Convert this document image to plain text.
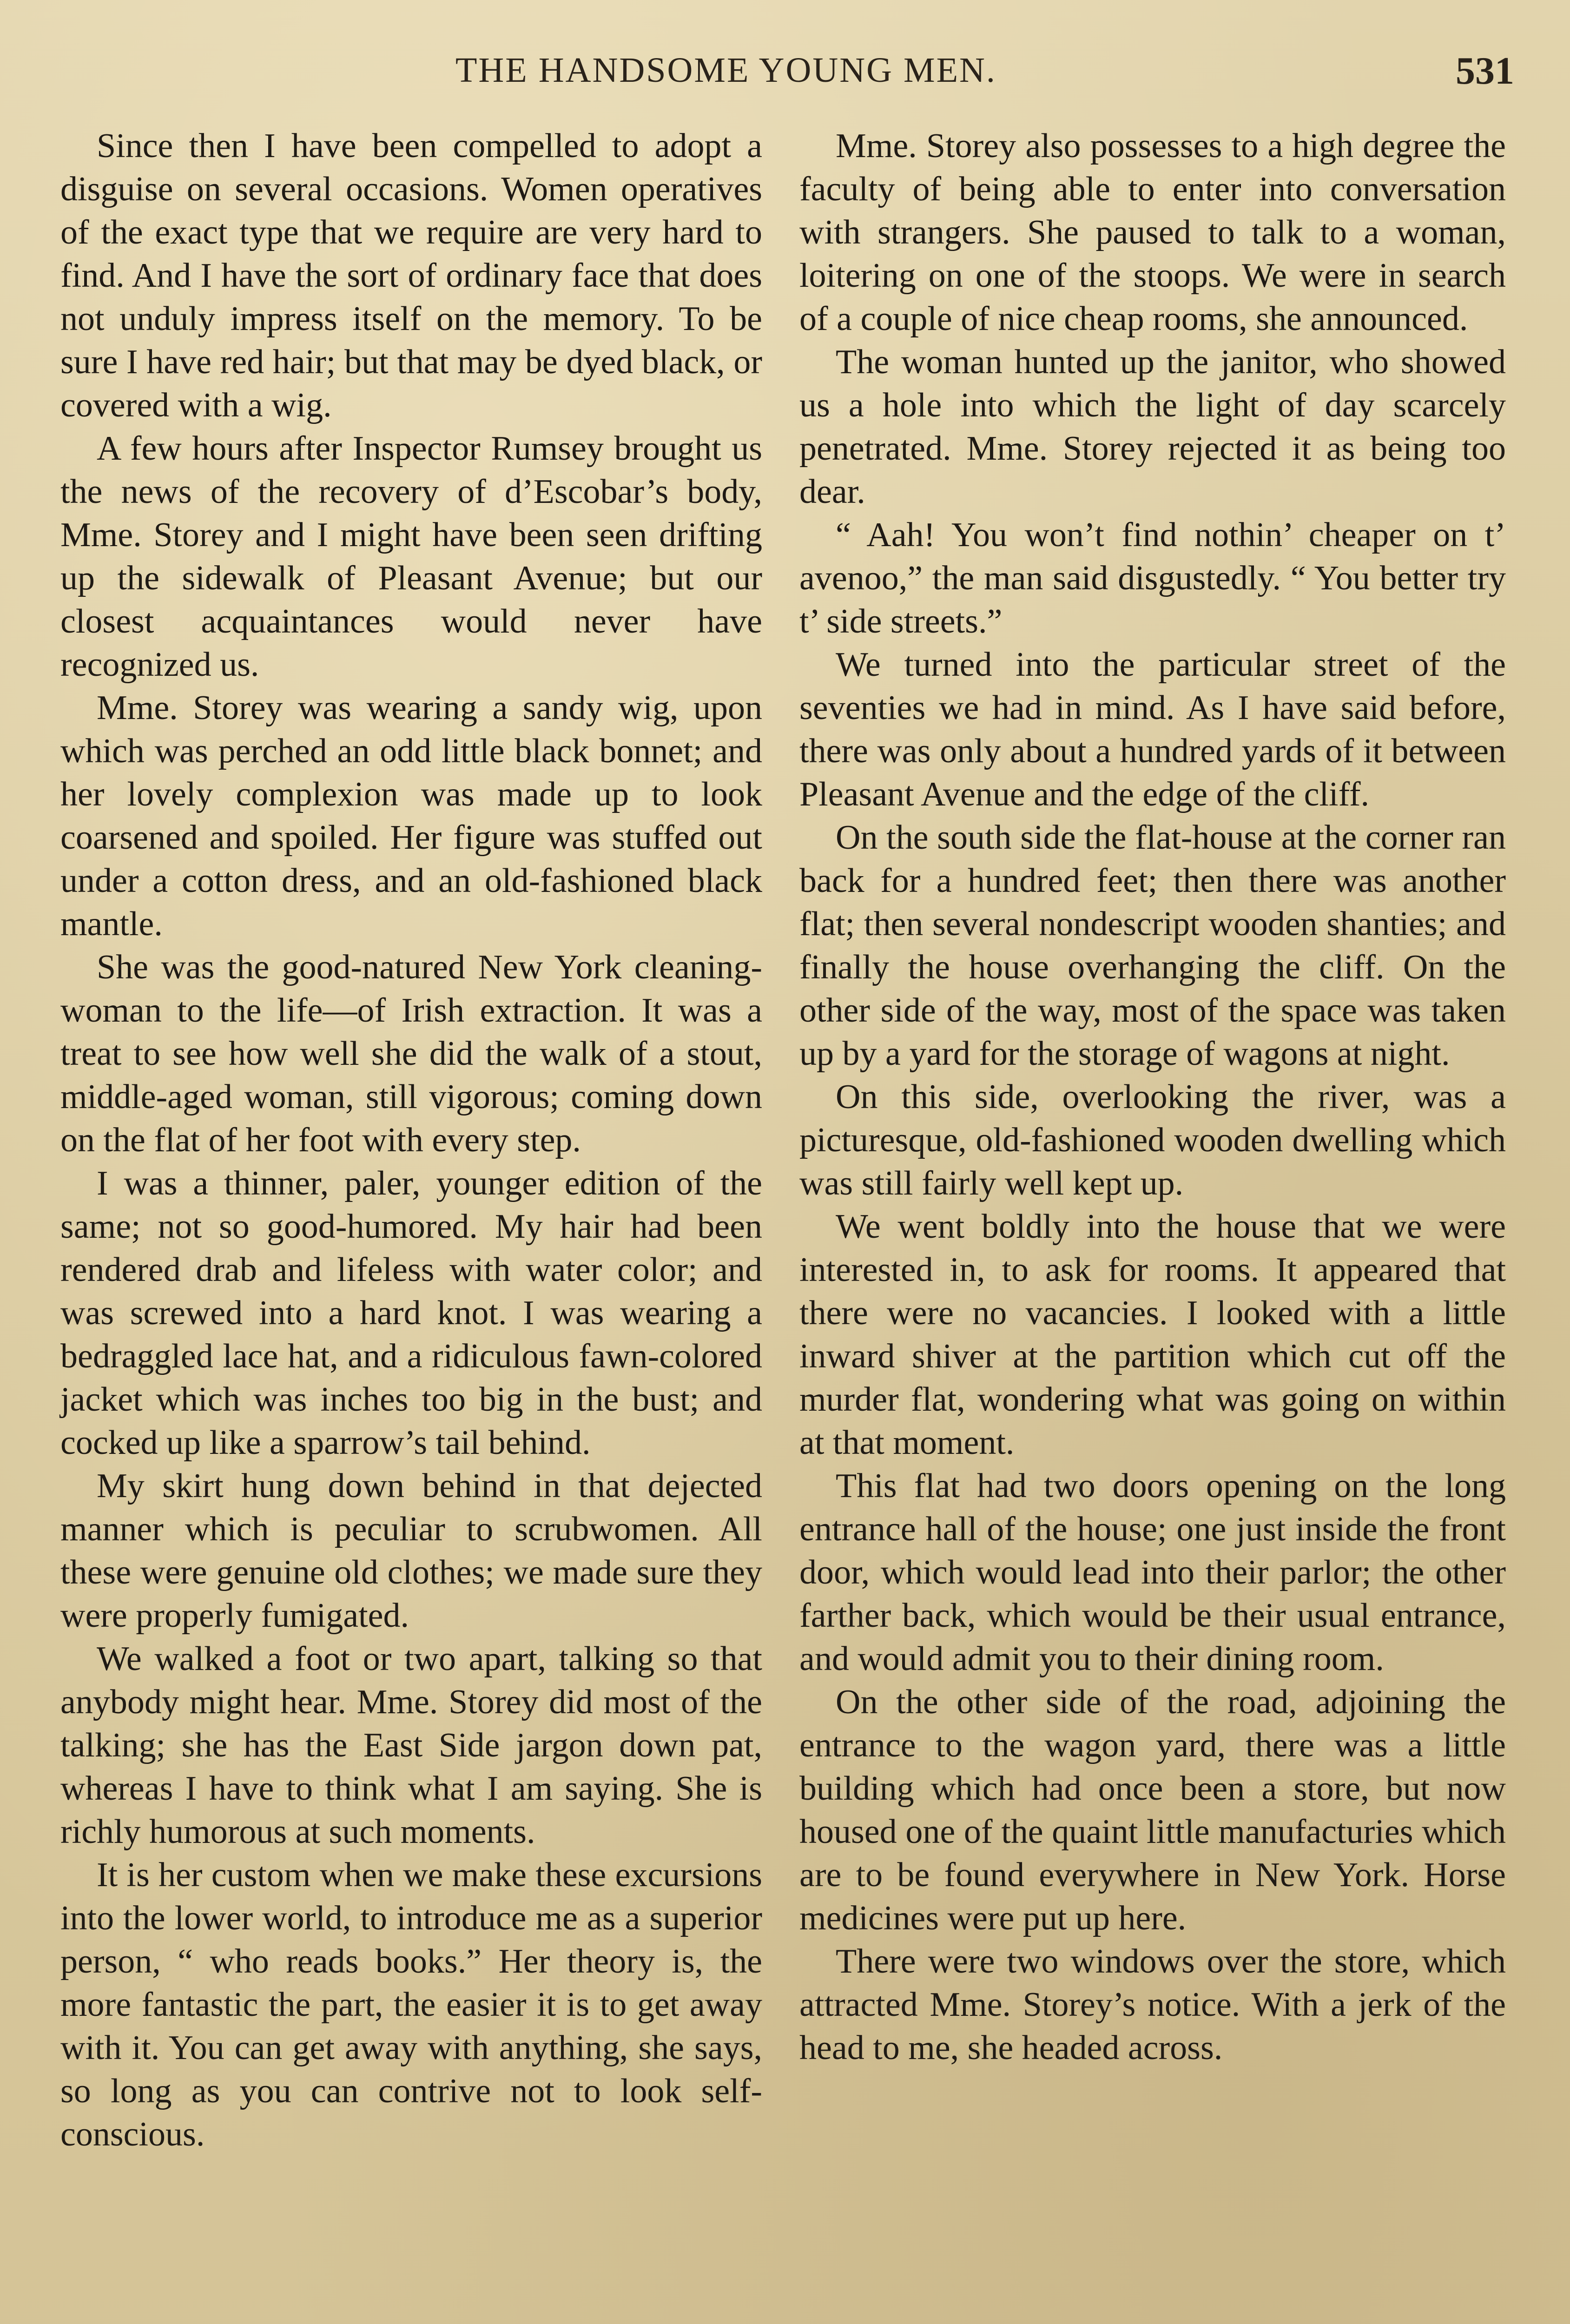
THE HANDSOME YOUNG MEN.	531

Since then I have been compelled to adopt a disguise on several occasions. Women operatives of the exact type that we require are very hard to find. And I have the sort of ordinary face that does not unduly impress itself on the memory. To be sure I have red hair; but that may be dyed black, or covered with a wig.

A few hours after Inspector Rumsey brought us the news of the recovery of d’Escobar’s body, Mme. Storey and I might have been seen drifting up the sidewalk of Pleasant Avenue; but our closest acquaintances would never have recognized us.

Mme. Storey was wearing a sandy wig, upon which was perched an odd little black bonnet; and her lovely complexion was made up to look coarsened and spoiled. Her figure was stuffed out under a cotton dress, and an old-fashioned black mantle.

She was the good-natured New York cleaning-woman to the life—of Irish extraction. It was a treat to see how well she did the walk of a stout, middle-aged woman, still vigorous; coming down on the flat of her foot with every step.

I was a thinner, paler, younger edition of the same; not so good-humored. My hair had been rendered drab and lifeless with water color; and was screwed into a hard knot. I was wearing a bedraggled lace hat, and a ridiculous fawn-colored jacket which was inches too big in the bust; and cocked up like a sparrow’s tail behind.

My skirt hung down behind in that dejected manner which is peculiar to scrubwomen. All these were genuine old clothes; we made sure they were properly fumigated.

We walked a foot or two apart, talking so that anybody might hear. Mme. Storey did most of the talking; she has the East Side jargon down pat, whereas I have to think what I am saying. She is richly humorous at such moments.

It is her custom when we make these excursions into the lower world, to introduce me as a superior person, “ who reads books.” Her theory is, the more fantastic the part, the easier it is to get away with it. You can get away with anything, she says, so long as you can contrive not to look self-conscious.

Mme. Storey also possesses to a high degree the faculty of being able to enter into conversation with strangers. She paused to talk to a woman, loitering on one of the stoops. We were in search of a couple of nice cheap rooms, she announced.

The woman hunted up the janitor, who showed us a hole into which the light of day scarcely penetrated. Mme. Storey rejected it as being too dear.

“ Aah! You won’t find nothin’ cheaper on t’ avenoo,” the man said disgustedly. “ You better try t’ side streets.”

We turned into the particular street of the seventies we had in mind. As I have said before, there was only about a hundred yards of it between Pleasant Avenue and the edge of the cliff.

On the south side the flat-house at the corner ran back for a hundred feet; then there was another flat; then several nondescript wooden shanties; and finally the house overhanging the cliff. On the other side of the way, most of the space was taken up by a yard for the storage of wagons at night.

On this side, overlooking the river, was a picturesque, old-fashioned wooden dwelling which was still fairly well kept up.

We went boldly into the house that we were interested in, to ask for rooms. It appeared that there were no vacancies. I looked with a little inward shiver at the partition which cut off the murder flat, wondering what was going on within at that moment.

This flat had two doors opening on the long entrance hall of the house; one just inside the front door, which would lead into their parlor; the other farther back, which would be their usual entrance, and would admit you to their dining room.

On the other side of the road, adjoining the entrance to the wagon yard, there was a little building which had once been a store, but now housed one of the quaint little manufacturies which are to be found everywhere in New York. Horse medicines were put up here.

There were two windows over the store, which attracted Mme. Storey’s notice. With a jerk of the head to me, she headed across.
